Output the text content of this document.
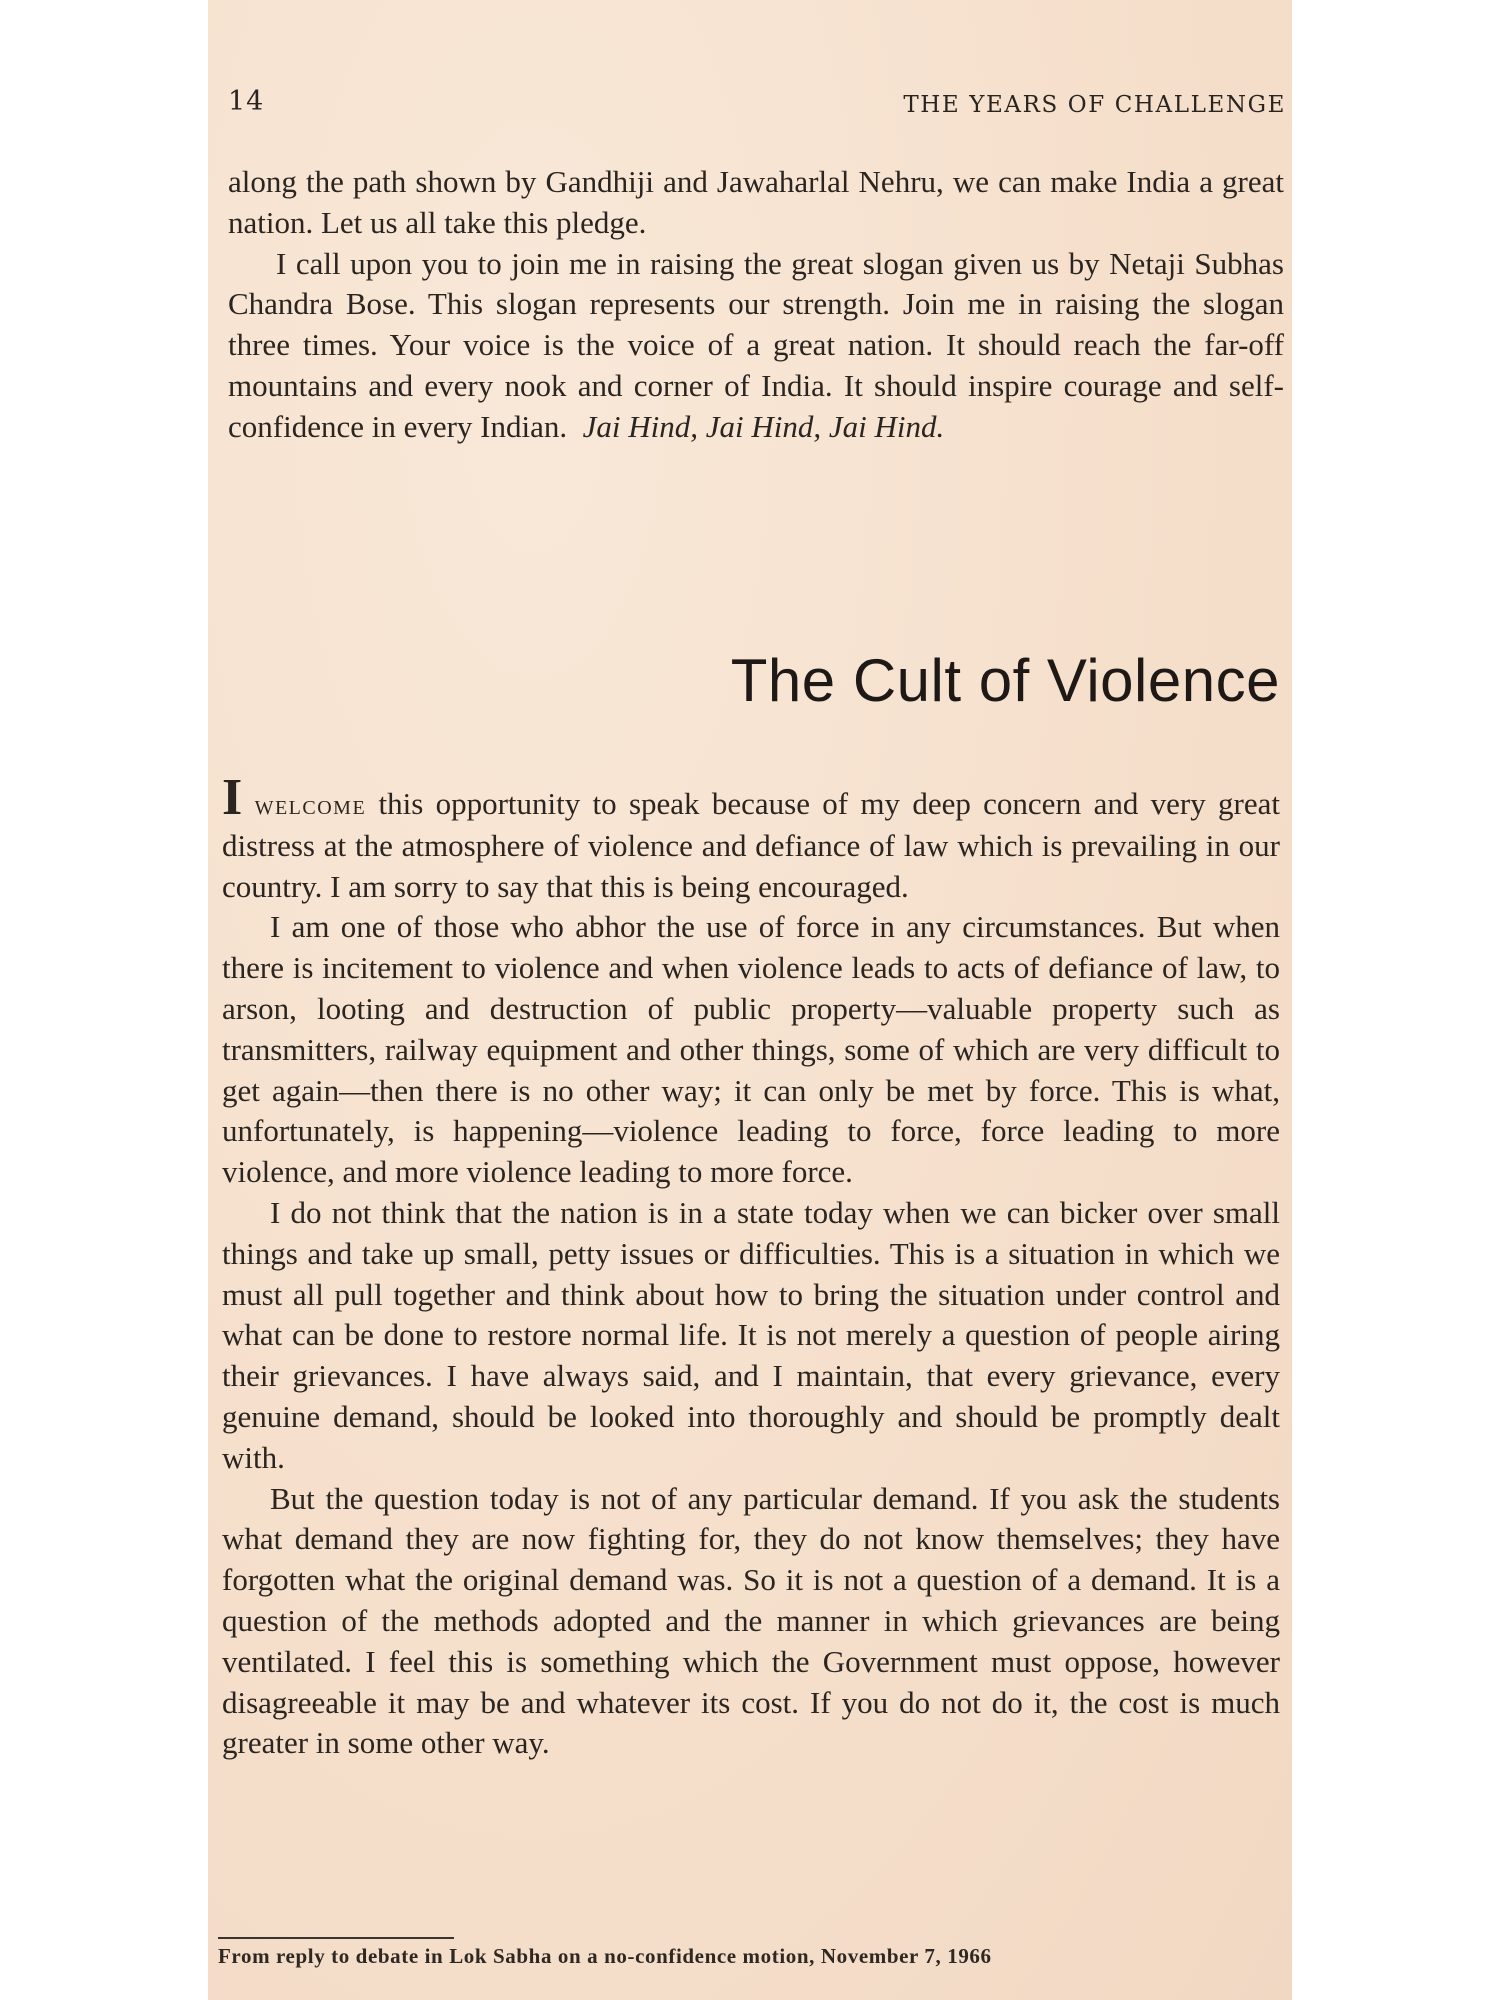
14	THE YEARS OF CHALLENGE

along the path shown by Gandhiji and Jawaharlal Nehru, we can make India a great nation. Let us all take this pledge.

I call upon you to join me in raising the great slogan given us by Netaji Subhas Chandra Bose. This slogan represents our strength. Join me in raising the slogan three times. Your voice is the voice of a great nation. It should reach the far-off mountains and every nook and corner of India. It should inspire courage and self-confidence in every Indian. Jai Hind, Jai Hind, Jai Hind.

The Cult of Violence

I welcome this opportunity to speak because of my deep concern and very great distress at the atmosphere of violence and defiance of law which is prevailing in our country. I am sorry to say that this is being encouraged.

I am one of those who abhor the use of force in any circumstances. But when there is incitement to violence and when violence leads to acts of defiance of law, to arson, looting and destruction of public property—valuable property such as transmitters, railway equipment and other things, some of which are very difficult to get again—then there is no other way; it can only be met by force. This is what, unfortunately, is happening—violence leading to force, force leading to more violence, and more violence leading to more force.

I do not think that the nation is in a state today when we can bicker over small things and take up small, petty issues or difficulties. This is a situation in which we must all pull together and think about how to bring the situation under control and what can be done to restore normal life. It is not merely a question of people airing their grievances. I have always said, and I maintain, that every grievance, every genuine demand, should be looked into thoroughly and should be promptly dealt with.

But the question today is not of any particular demand. If you ask the students what demand they are now fighting for, they do not know themselves; they have forgotten what the original demand was. So it is not a question of a demand. It is a question of the methods adopted and the manner in which grievances are being ventilated. I feel this is something which the Government must oppose, however disagreeable it may be and whatever its cost. If you do not do it, the cost is much greater in some other way.

From reply to debate in Lok Sabha on a no-confidence motion, November 7, 1966
